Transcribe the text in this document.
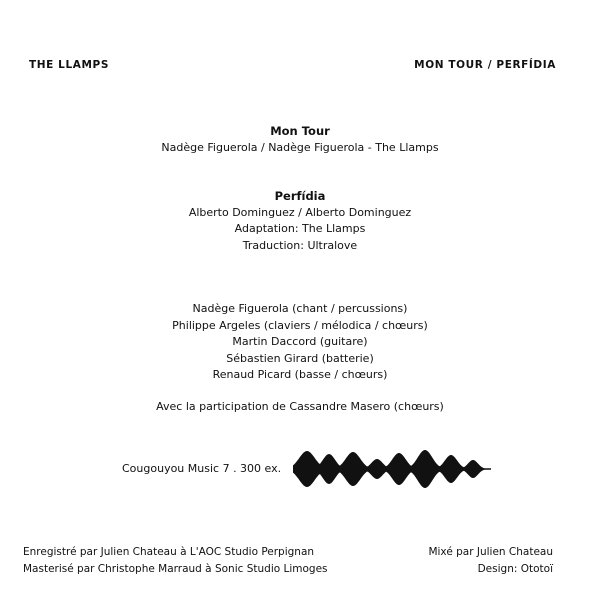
THE LLAMPS	MON TOUR / PERFÍDIA
Mon Tour
Nadège Figuerola / Nadège Figuerola - The Llamps
Perfídia
Alberto Dominguez / Alberto Dominguez
Adaptation: The Llamps
Traduction: Ultralove
Nadège Figuerola (chant / percussions)
Philippe Argeles (claviers / mélodica / chœurs)
Martin Daccord (guitare)
Sébastien Girard (batterie)
Renaud Picard (basse / chœurs)
Avec la participation de Cassandre Masero (chœurs)
Cougouyou Music 7 . 300 ex.
Enregistré par Julien Chateau à L'AOC Studio Perpignan
Masterisé par Christophe Marraud à Sonic Studio Limoges
Mixé par Julien Chateau
Design: Ototoï
